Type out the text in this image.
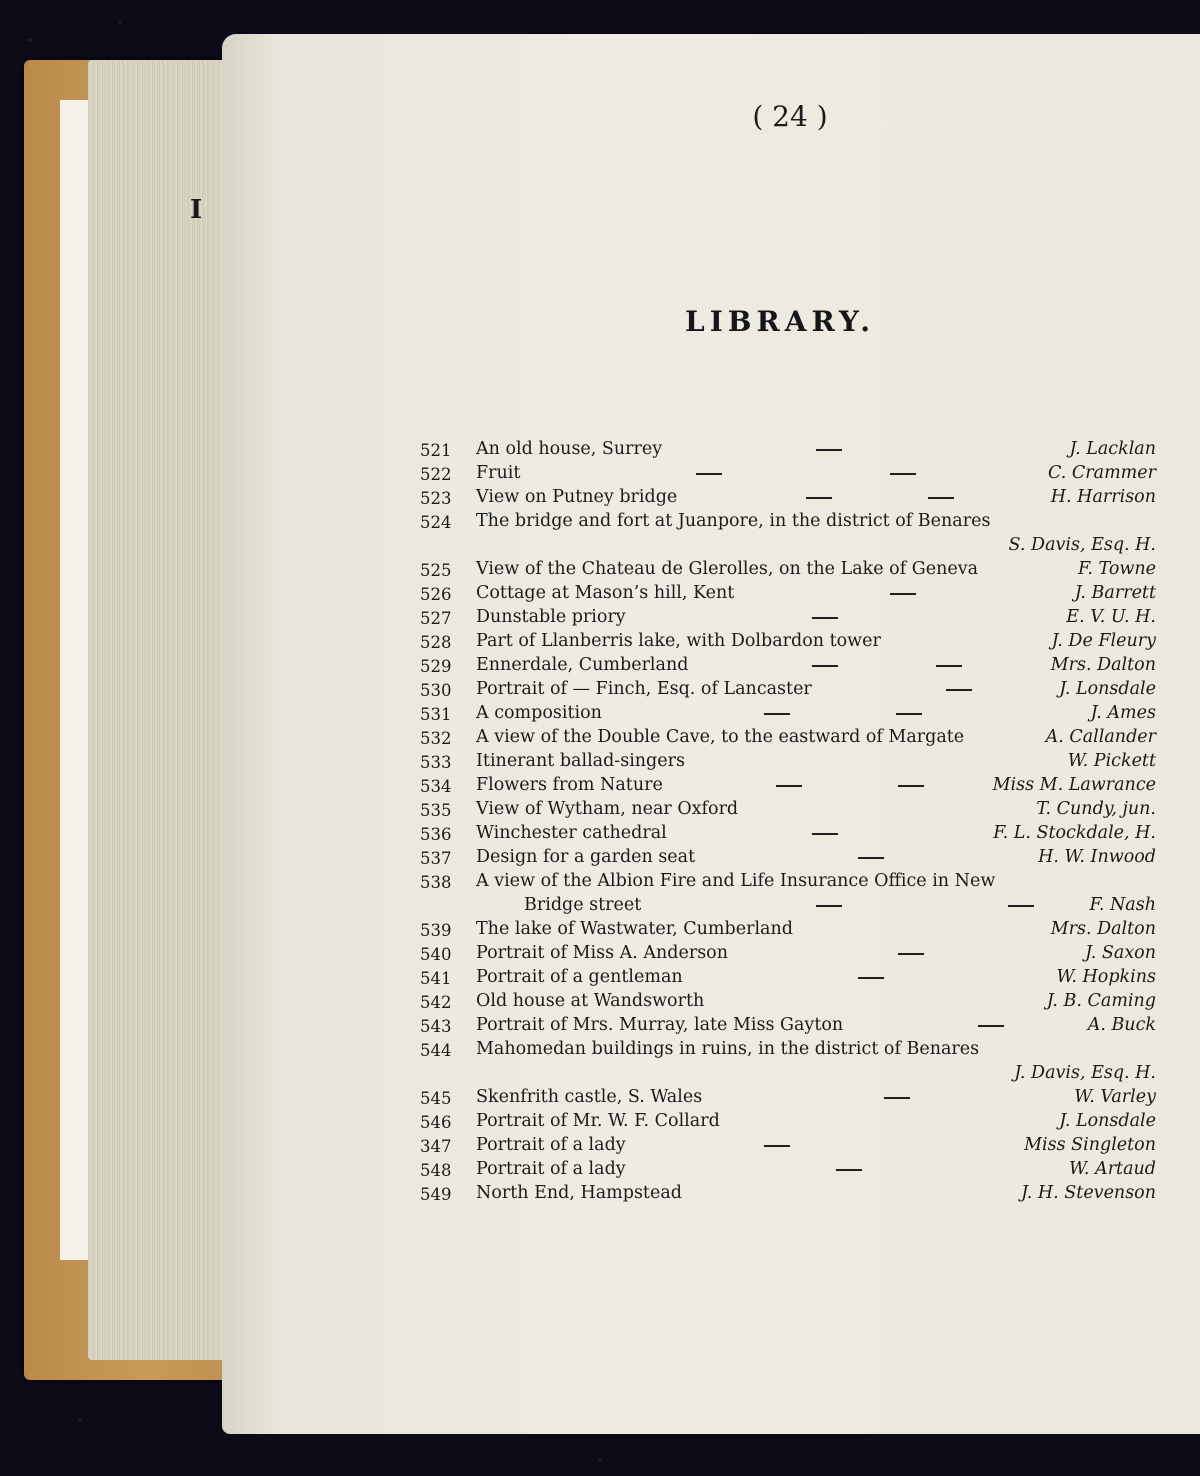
I
( 24 )
LIBRARY.
521	An old house, Surrey	J. Lacklan
522	Fruit	C. Crammer
523	View on Putney bridge	H. Harrison
524	The bridge and fort at Juanpore, in the district of Benares
S. Davis, Esq. H.
525	View of the Chateau de Glerolles, on the Lake of Geneva	F. Towne
526	Cottage at Mason’s hill, Kent	J. Barrett
527	Dunstable priory	E. V. U. H.
528	Part of Llanberris lake, with Dolbardon tower	J. De Fleury
529	Ennerdale, Cumberland	Mrs. Dalton
530	Portrait of — Finch, Esq. of Lancaster	J. Lonsdale
531	A composition	J. Ames
532	A view of the Double Cave, to the eastward of Margate	A. Callander
533	Itinerant ballad-singers	W. Pickett
534	Flowers from Nature	Miss M. Lawrance
535	View of Wytham, near Oxford	T. Cundy, jun.
536	Winchester cathedral	F. L. Stockdale, H.
537	Design for a garden seat	H. W. Inwood
538	A view of the Albion Fire and Life Insurance Office in New
Bridge street	F. Nash
539	The lake of Wastwater, Cumberland	Mrs. Dalton
540	Portrait of Miss A. Anderson	J. Saxon
541	Portrait of a gentleman	W. Hopkins
542	Old house at Wandsworth	J. B. Caming
543	Portrait of Mrs. Murray, late Miss Gayton	A. Buck
544	Mahomedan buildings in ruins, in the district of Benares
J. Davis, Esq. H.
545	Skenfrith castle, S. Wales	W. Varley
546	Portrait of Mr. W. F. Collard	J. Lonsdale
347	Portrait of a lady	Miss Singleton
548	Portrait of a lady	W. Artaud
549	North End, Hampstead	J. H. Stevenson
